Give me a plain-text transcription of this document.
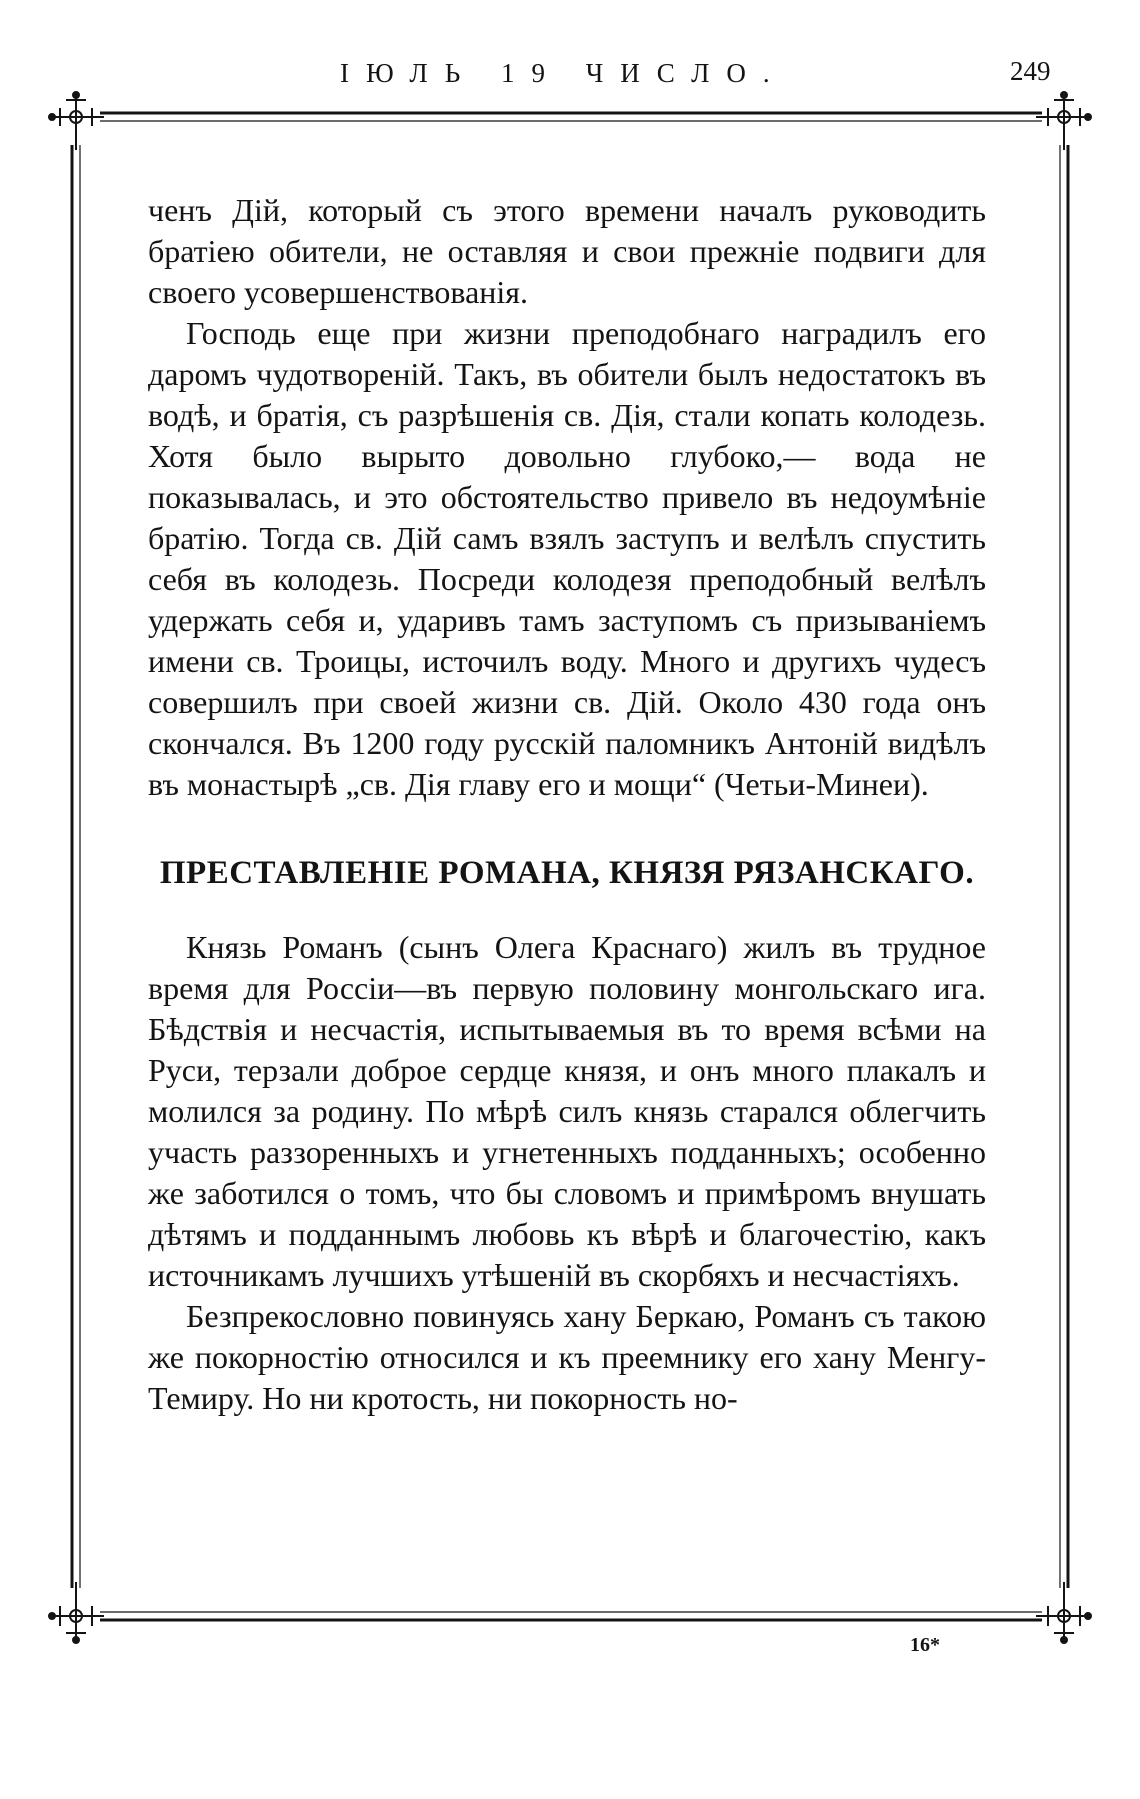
ІЮЛЬ 19 ЧИСЛО.	249

ченъ Дій, который съ этого времени началъ руководить братіею обители, не оставляя и свои прежніе подвиги для своего усовершенствованія.

Господь еще при жизни преподобнаго наградилъ его даромъ чудотвореній. Такъ, въ обители былъ недостатокъ въ водѣ, и братія, съ разрѣшенія св. Дія, стали копать колодезь. Хотя было вырыто довольно глубоко,— вода не показывалась, и это обстоятельство привело въ недоумѣніе братію. Тогда св. Дій самъ взялъ заступъ и велѣлъ спустить себя въ колодезь. Посреди колодезя преподобный велѣлъ удержать себя и, ударивъ тамъ заступомъ съ призываніемъ имени св. Троицы, источилъ воду. Много и другихъ чудесъ совершилъ при своей жизни св. Дій. Около 430 года онъ скончался. Въ 1200 году русскій паломникъ Антоній видѣлъ въ монастырѣ „св. Дія главу его и мощи“ (Четьи-Минеи).

ПРЕСТАВЛЕНІЕ РОМАНА, КНЯЗЯ РЯЗАНСКАГО.

Князь Романъ (сынъ Олега Краснаго) жилъ въ трудное время для Россіи—въ первую половину монгольскаго ига. Бѣдствія и несчастія, испытываемыя въ то время всѣми на Руси, терзали доброе сердце князя, и онъ много плакалъ и молился за родину. По мѣрѣ силъ князь старался облегчить участь раззоренныхъ и угнетенныхъ подданныхъ; особенно же заботился о томъ, что бы словомъ и примѣромъ внушать дѣтямъ и подданнымъ любовь къ вѣрѣ и благочестію, какъ источникамъ лучшихъ утѣшеній въ скорбяхъ и несчастіяхъ.

Безпрекословно повинуясь хану Беркаю, Романъ съ такою же покорностію относился и къ преемнику его хану Менгу-Темиру. Но ни кротость, ни покорность но-

16*
